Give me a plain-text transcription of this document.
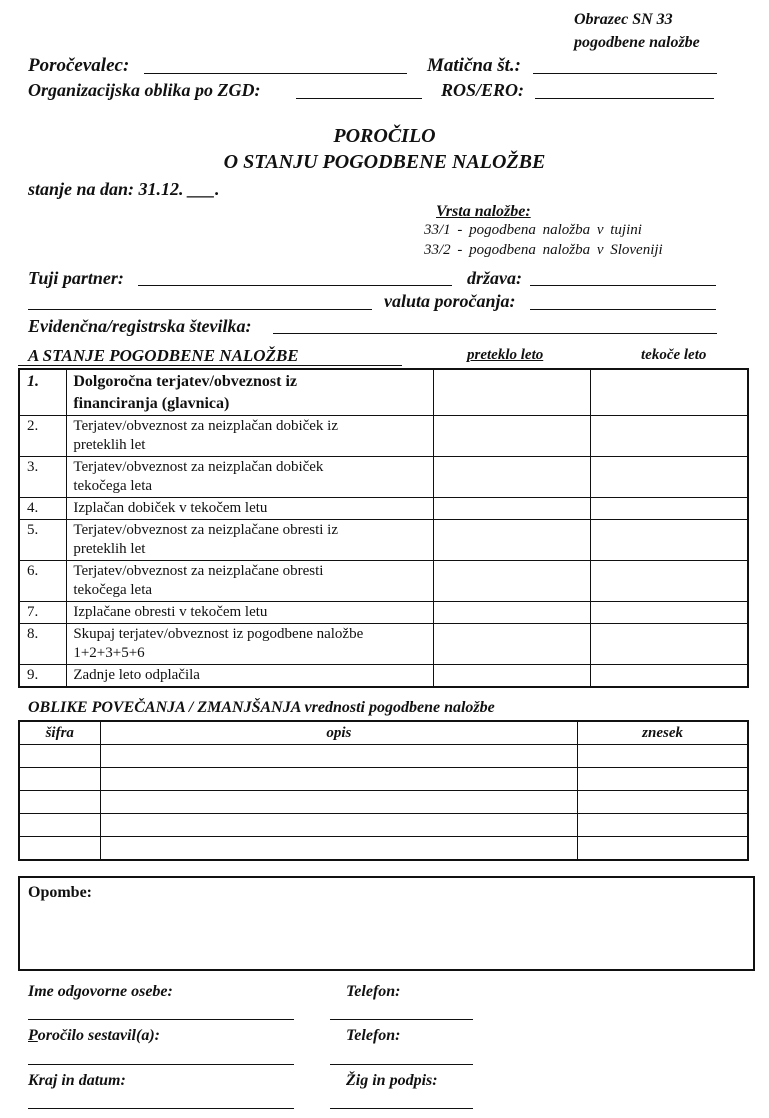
Obrazec SN 33
pogodbene naložbe
Poročevalec:	Matična št.:
Organizacijska oblika po ZGD:	ROS/ERO:
POROČILO
O STANJU POGODBENE NALOŽBE
stanje na dan: 31.12. ___.
Vrsta naložbe:
33/1 - pogodbena naložba v tujini
33/2 - pogodbena naložba v Sloveniji
Tuji partner:	država:
valuta poročanja:
Evidenčna/registrska številka:
A STANJE POGODBENE NALOŽBE	preteklo leto	tekoče leto
1.	Dolgoročna terjatev/obveznost iz
financiranja (glavnica)		

2.	Terjatev/obveznost za neizplačan dobiček iz
preteklih let		

3.	Terjatev/obveznost za neizplačan dobiček
tekočega leta		

4.	Izplačan dobiček v tekočem letu		
5.	Terjatev/obveznost za neizplačane obresti iz
preteklih let		

6.	Terjatev/obveznost za neizplačane obresti
tekočega leta		

7.	Izplačane obresti v tekočem letu		
8.	Skupaj terjatev/obveznost iz pogodbene naložbe
1+2+3+5+6		

9.	Zadnje leto odplačila		
OBLIKE POVEČANJA / ZMANJŠANJA vrednosti pogodbene naložbe
šifra	opis	znesek

Opombe:
Ime odgovorne osebe:	Telefon:
Poročilo sestavil(a):	Telefon:
Kraj in datum:	Žig in podpis:
